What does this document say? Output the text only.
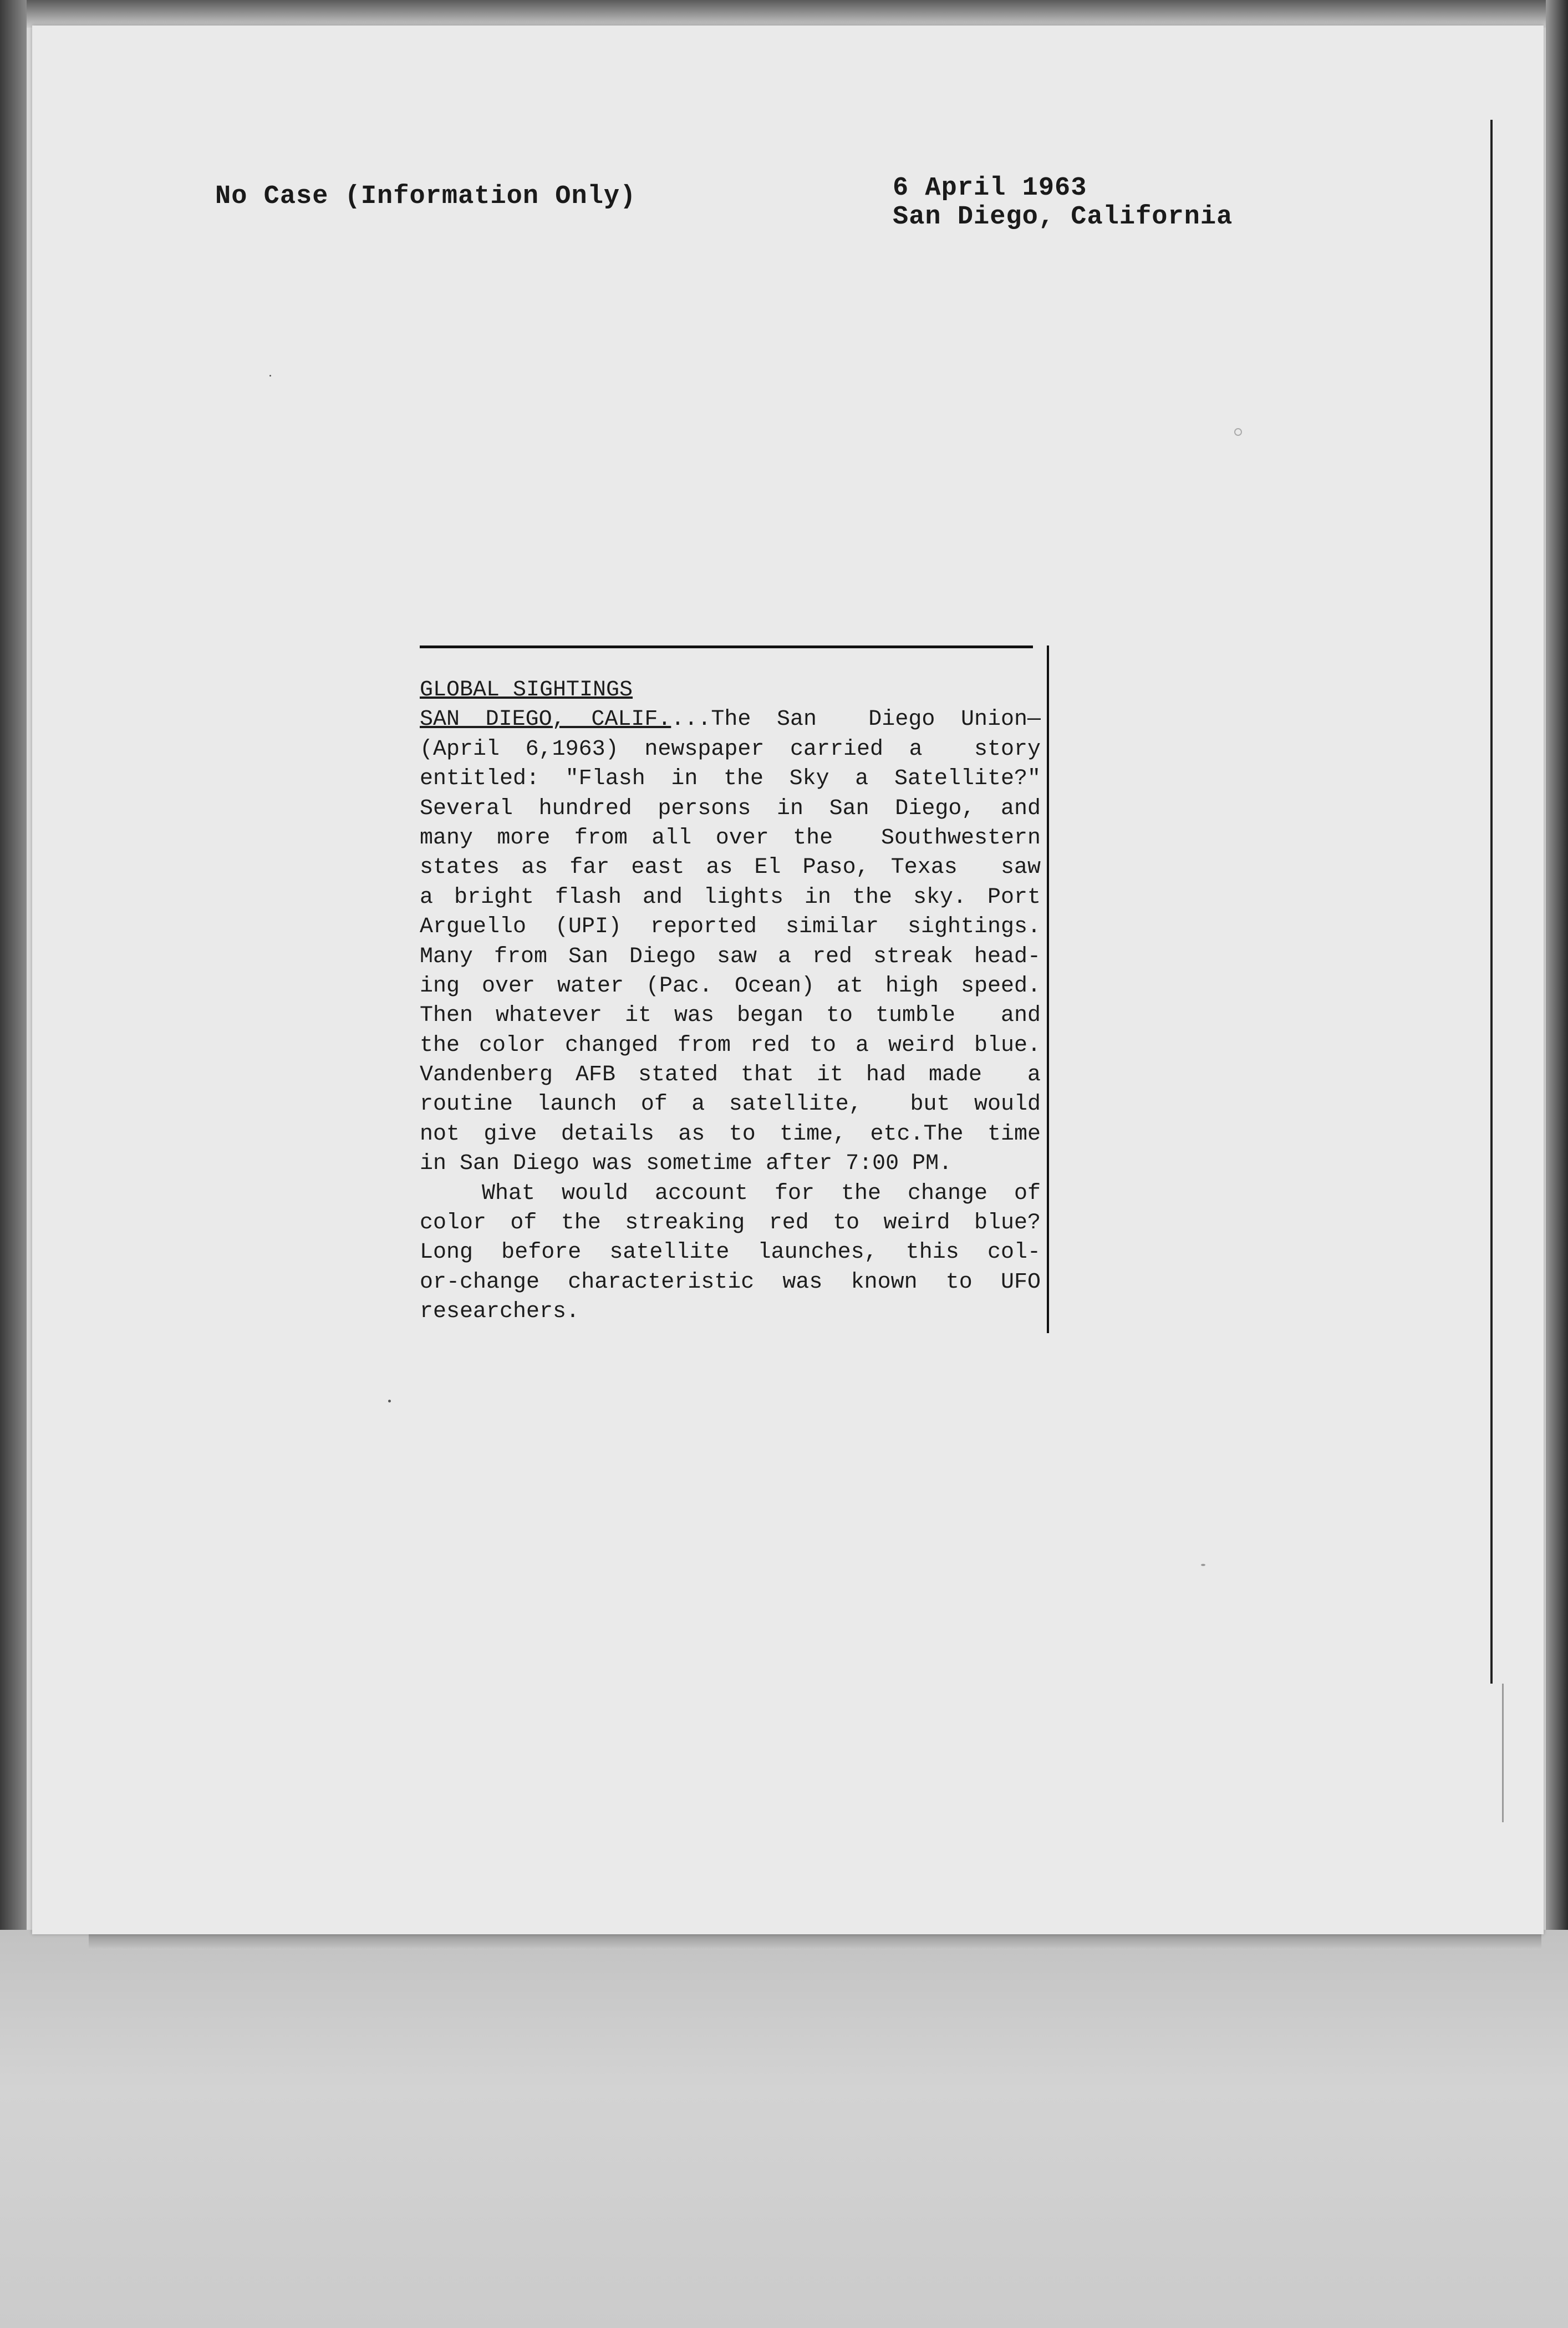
No Case (Information Only)	6 April 1963
San Diego, California
GLOBAL SIGHTINGS
SAN DIEGO, CALIF....The San  Diego Union—
(April 6,1963) newspaper carried a  story
entitled: "Flash in the Sky a Satellite?"
Several hundred persons in San Diego, and
many more from all over the  Southwestern
states as far east as El Paso, Texas  saw
a bright flash and lights in the sky. Port
Arguello (UPI) reported similar sightings.
Many from San Diego saw a red streak head-
ing over water (Pac. Ocean) at high speed.
Then whatever it was began to tumble  and
the color changed from red to a weird blue.
Vandenberg AFB stated that it had made  a
routine launch of a satellite,  but would
not give details as to time, etc.The time
in San Diego was sometime after 7:00 PM.
What would account for the change of
color of the streaking red to weird blue?
Long before satellite launches, this col-
or-change characteristic was known to UFO
researchers.
